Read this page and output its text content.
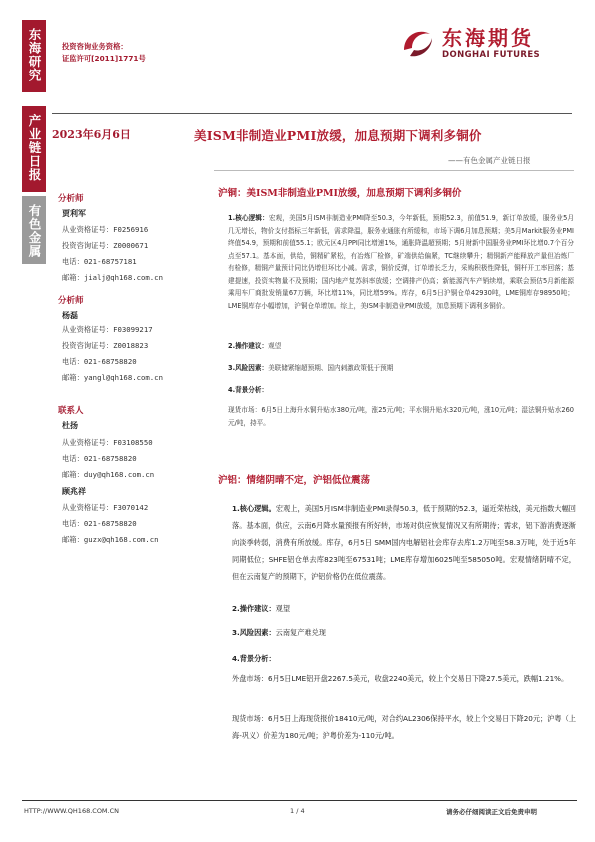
东海研究
产业链日报
有色金属
投资咨询业务资格：
证监许可[2011]1771号
东海期货
DONGHAI FUTURES
2023年6月6日	美ISM非制造业PMI放缓，加息预期下调利多铜价
——有色金属产业链日报
分析师
贾利军
从业资格证号：F0256916
投资咨询证号：Z0000671
电话：021-68757181
邮箱：jialj@qh168.com.cn
分析师
杨磊
从业资格证号：F03099217
投资咨询证号：Z0018823
电话：021-68758820
邮箱：yangl@qh168.com.cn
联系人
杜扬
从业资格证号：F03108550
电话：021-68758820
邮箱：duy@qh168.com.cn
顾兆祥
从业资格证号：F3070142
电话：021-68758820
邮箱：guzx@qh168.com.cn
沪铜：美ISM非制造业PMI放缓，加息预期下调利多铜价
1.核心逻辑：宏观，美国5月ISM非制造业PMI降至50.3，今年新低，预期52.3，前值51.9，新订单放缓，服务业5月几无增长，物价支付指标三年新低，需求降温，服务业通胀有所缓和，市场下调6月加息预期；美5月Markit服务业PMI终值54.9，预期和前值55.1；欧元区4月PPI同比增速1%，通胀降温超预期；5月财新中国服务业PMI环比增0.7个百分点至57.1。基本面，供给，铜精矿紧松，有冶炼厂检修，矿端供给偏紧，TC继续攀升；精铜新产能释放产量但冶炼厂有检修，精铜产量预计同比仍增但环比小减。需求，铜价反弹，订单增长乏力，采购积极性降低，铜杆开工率回落；基建提速，投资实物量不及预期；国内地产复苏斜率放缓；空调排产仍高；新能源汽车产销续增，乘联会预估5月新能源乘用车厂商批发销量67万辆，环比增11%，同比增59%。库存，6月5日沪铜仓单42930吨，LME铜库存98950吨；LME铜库存小幅增加，沪铜仓单增加。综上，美ISM非制造业PMI放缓，加息预期下调利多铜价。
2.操作建议：观望
3.风险因素：美联储紧缩超预期、国内刺激政策低于预期
4.背景分析：
现货市场：6月5日上海升水铜升贴水380元/吨，涨25元/吨；平水铜升贴水320元/吨，涨10元/吨；湿法铜升贴水260元/吨，持平。
沪铝：情绪阴晴不定，沪铝低位震荡
1.核心逻辑。宏观上，美国5月ISM非制造业PMI录得50.3，低于预期的52.3，逼近荣枯线，美元指数大幅回落。基本面，供应，云南6月降水量预报有所好转，市场对供应恢复情况又有所期待；需求，铝下游消费逐渐向淡季转弱，消费有所放缓。库存，6月5日 SMM国内电解铝社会库存去库1.2万吨至58.3万吨，处于近5年同期低位；SHFE铝仓单去库823吨至67531吨；LME库存增加6025吨至585050吨。宏观情绪阴晴不定，但在云南复产的预期下，沪铝价格仍在低位震荡。
2.操作建议：观望
3.风险因素：云南复产难兑现
4.背景分析：
外盘市场：6月5日LME铝开盘2267.5美元，收盘2240美元，较上个交易日下降27.5美元，跌幅1.21%。
现货市场：6月5日上海现货报价18410元/吨，对合约AL2306保持平水，较上个交易日下降20元；沪粤（上海-巩义）价差为180元/吨；沪粤价差为-110元/吨。
HTTP://WWW.QH168.COM.CN	1 / 4	请务必仔细阅读正文后免责申明
